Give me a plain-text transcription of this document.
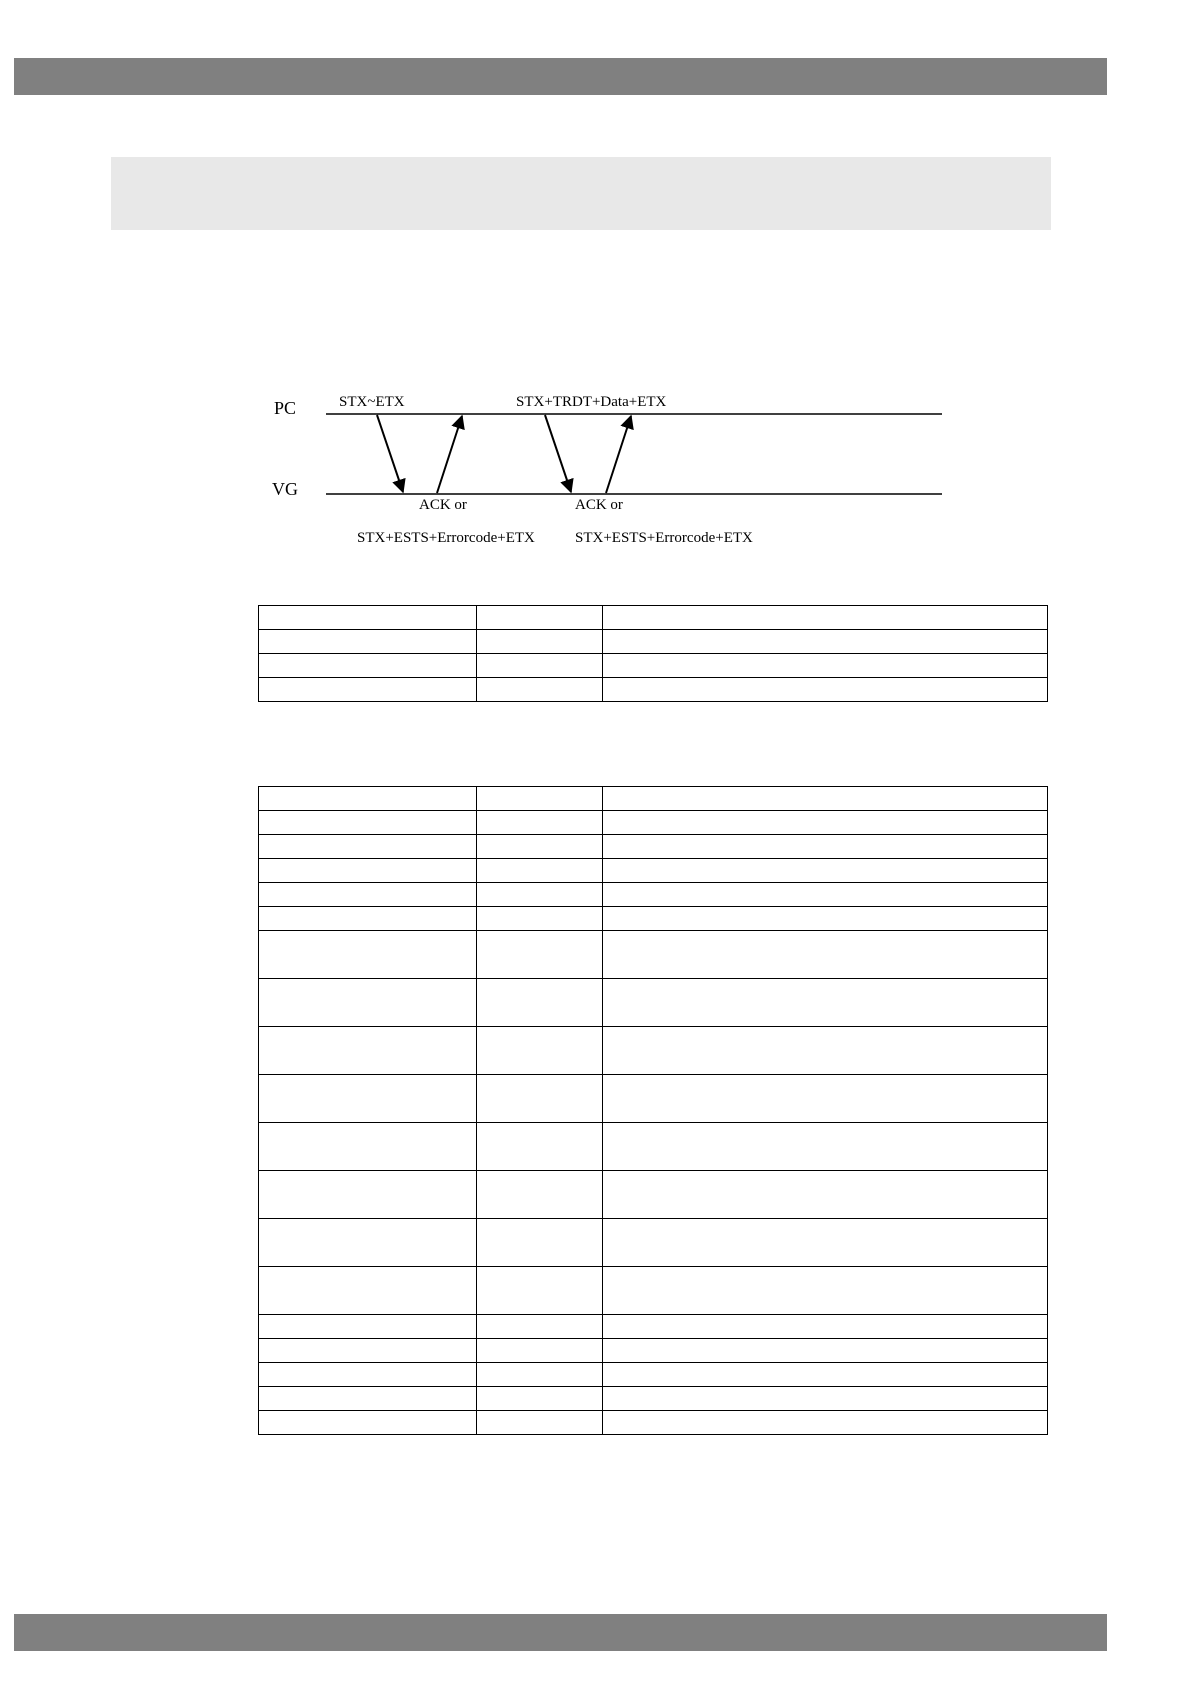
PC
VG
STX~ETX	STX+TRDT+Data+ETX
ACK or
STX+ESTS+Errorcode+ETX
ACK or
STX+ESTS+Errorcode+ETX
